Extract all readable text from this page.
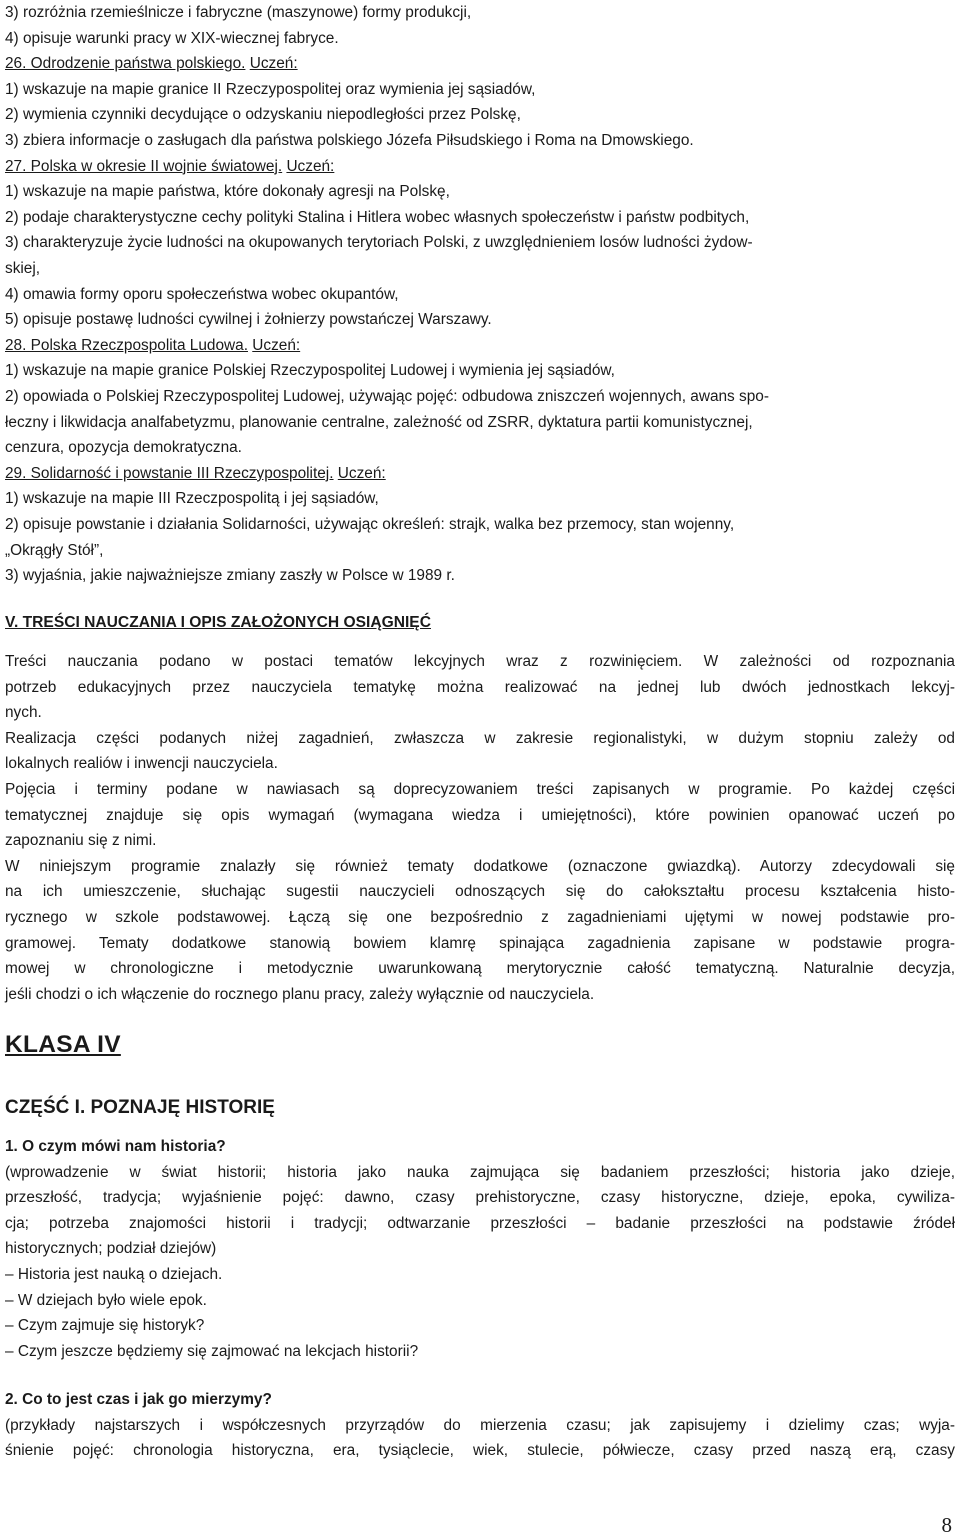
3) rozróżnia rzemieślnicze i fabryczne (maszynowe) formy produkcji,
4) opisuje warunki pracy w XIX-wiecznej fabryce.
26. Odrodzenie państwa polskiego. Uczeń:
1) wskazuje na mapie granice II Rzeczypospolitej oraz wymienia jej sąsiadów,
2) wymienia czynniki decydujące o odzyskaniu niepodległości przez Polskę,
3) zbiera informacje o zasługach dla państwa polskiego Józefa Piłsudskiego i Roma na Dmowskiego.
27. Polska w okresie II wojnie światowej. Uczeń:
1) wskazuje na mapie państwa, które dokonały agresji na Polskę,
2) podaje charakterystyczne cechy polityki Stalina i Hitlera wobec własnych społeczeństw i państw podbitych,
3) charakteryzuje życie ludności na okupowanych terytoriach Polski, z uwzględnieniem losów ludności żydow-
skiej,
4) omawia formy oporu społeczeństwa wobec okupantów,
5) opisuje postawę ludności cywilnej i żołnierzy powstańczej Warszawy.
28. Polska Rzeczpospolita Ludowa. Uczeń:
1) wskazuje na mapie granice Polskiej Rzeczypospolitej Ludowej i wymienia jej sąsiadów,
2) opowiada o Polskiej Rzeczypospolitej Ludowej, używając pojęć: odbudowa zniszczeń wojennych, awans spo-
łeczny i likwidacja analfabetyzmu, planowanie centralne, zależność od ZSRR, dyktatura partii komunistycznej,
cenzura, opozycja demokratyczna.
29. Solidarność i powstanie III Rzeczypospolitej. Uczeń:
1) wskazuje na mapie III Rzeczpospolitą i jej sąsiadów,
2) opisuje powstanie i działania Solidarności, używając określeń: strajk, walka bez przemocy, stan wojenny,
„Okrągły Stół”,
3) wyjaśnia, jakie najważniejsze zmiany zaszły w Polsce w 1989 r.
V. TREŚCI NAUCZANIA I OPIS ZAŁOŻONYCH OSIĄGNIĘĆ
Treści nauczania podano w postaci tematów lekcyjnych wraz z rozwinięciem. W zależności od rozpoznania
potrzeb edukacyjnych przez nauczyciela tematykę można realizować na jednej lub dwóch jednostkach lekcyj-
nych.
Realizacja części podanych niżej zagadnień, zwłaszcza w zakresie regionalistyki, w dużym stopniu zależy od
lokalnych realiów i inwencji nauczyciela.
Pojęcia i terminy podane w nawiasach są doprecyzowaniem treści zapisanych w programie. Po każdej części
tematycznej znajduje się opis wymagań (wymagana wiedza i umiejętności), które powinien opanować uczeń po
zapoznaniu się z nimi.
W niniejszym programie znalazły się również tematy dodatkowe (oznaczone gwiazdką). Autorzy zdecydowali się
na ich umieszczenie, słuchając sugestii nauczycieli odnoszących się do całokształtu procesu kształcenia histo-
rycznego w szkole podstawowej. Łączą się one bezpośrednio z zagadnieniami ujętymi w nowej podstawie pro-
gramowej. Tematy dodatkowe stanowią bowiem klamrę spinająca zagadnienia zapisane w podstawie progra-
mowej w chronologiczne i metodycznie uwarunkowaną merytorycznie całość tematyczną. Naturalnie decyzja,
jeśli chodzi o ich włączenie do rocznego planu pracy, zależy wyłącznie od nauczyciela.
KLASA IV
CZĘŚĆ I. POZNAJĘ HISTORIĘ
1. O czym mówi nam historia?
(wprowadzenie w świat historii; historia jako nauka zajmująca się badaniem przeszłości; historia jako dzieje,
przeszłość, tradycja; wyjaśnienie pojęć: dawno, czasy prehistoryczne, czasy historyczne, dzieje, epoka, cywiliza-
cja; potrzeba znajomości historii i tradycji; odtwarzanie przeszłości – badanie przeszłości na podstawie źródeł
historycznych; podział dziejów)
– Historia jest nauką o dziejach.
– W dziejach było wiele epok.
– Czym zajmuje się historyk?
– Czym jeszcze będziemy się zajmować na lekcjach historii?
2. Co to jest czas i jak go mierzymy?
(przykłady najstarszych i współczesnych przyrządów do mierzenia czasu; jak zapisujemy i dzielimy czas; wyja-
śnienie pojęć: chronologia historyczna, era, tysiąclecie, wiek, stulecie, półwiecze, czasy przed naszą erą, czasy
8
